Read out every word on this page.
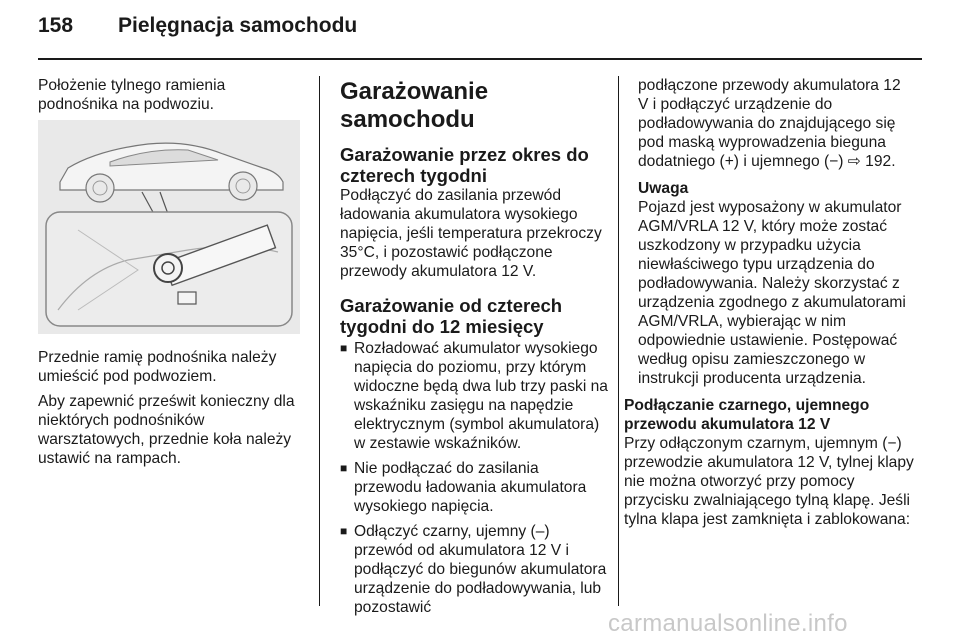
158 Pielęgnacja samochodu

Położenie tylnego ramienia podnośnika na podwoziu.

Przednie ramię podnośnika należy umieścić pod podwoziem.

Aby zapewnić prześwit konieczny dla niektórych podnośników warsztatowych, przednie koła należy ustawić na rampach.

Garażowanie samochodu
Garażowanie przez okres do czterech tygodni

Podłączyć do zasilania przewód ładowania akumulatora wysokiego napięcia, jeśli temperatura przekroczy 35°C, i pozostawić podłączone przewody akumulatora 12 V.

Garażowanie od czterech tygodni do 12 miesięcy
■ Rozładować akumulator wysokiego napięcia do poziomu, przy którym widoczne będą dwa lub trzy paski na wskaźniku zasięgu na napędzie elektrycznym (symbol akumulatora) w zestawie wskaźników.
■ Nie podłączać do zasilania przewodu ładowania akumulatora wysokiego napięcia.
■ Odłączyć czarny, ujemny (–) przewód od akumulatora 12 V i podłączyć do biegunów akumulatora urządzenie do podładowywania, lub pozostawić

podłączone przewody akumulatora 12 V i podłączyć urządzenie do podładowywania do znajdującego się pod maską wyprowadzenia bieguna dodatniego (+) i ujemnego (−) ⇨ 192.

Uwaga

Pojazd jest wyposażony w akumulator AGM/VRLA 12 V, który może zostać uszkodzony w przypadku użycia niewłaściwego typu urządzenia do podładowywania. Należy skorzystać z urządzenia zgodnego z akumulatorami AGM/VRLA, wybierając w nim odpowiednie ustawienie. Postępować według opisu zamieszczonego w instrukcji producenta urządzenia.

Podłączanie czarnego, ujemnego przewodu akumulatora 12 V

Przy odłączonym czarnym, ujemnym (−) przewodzie akumulatora 12 V, tylnej klapy nie można otworzyć przy pomocy przycisku zwalniającego tylną klapę. Jeśli tylna klapa jest zamknięta i zablokowana:

carmanualsonline.info
